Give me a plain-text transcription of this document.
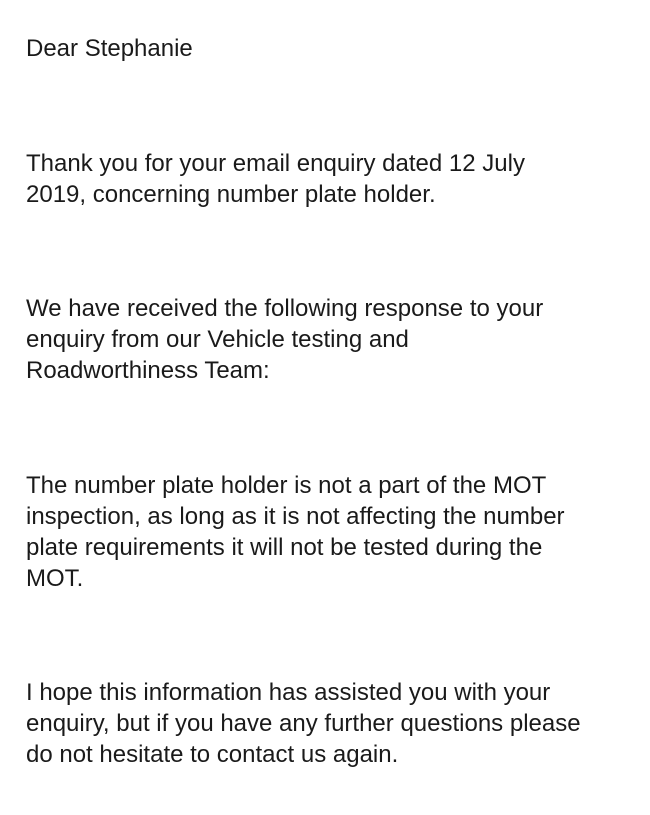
Dear Stephanie
Thank you for your email enquiry dated 12 July
2019, concerning number plate holder.
We have received the following response to your
enquiry from our Vehicle testing and
Roadworthiness Team:
The number plate holder is not a part of the MOT
inspection, as long as it is not affecting the number
plate requirements it will not be tested during the
MOT.
I hope this information has assisted you with your
enquiry, but if you have any further questions please
do not hesitate to contact us again.
